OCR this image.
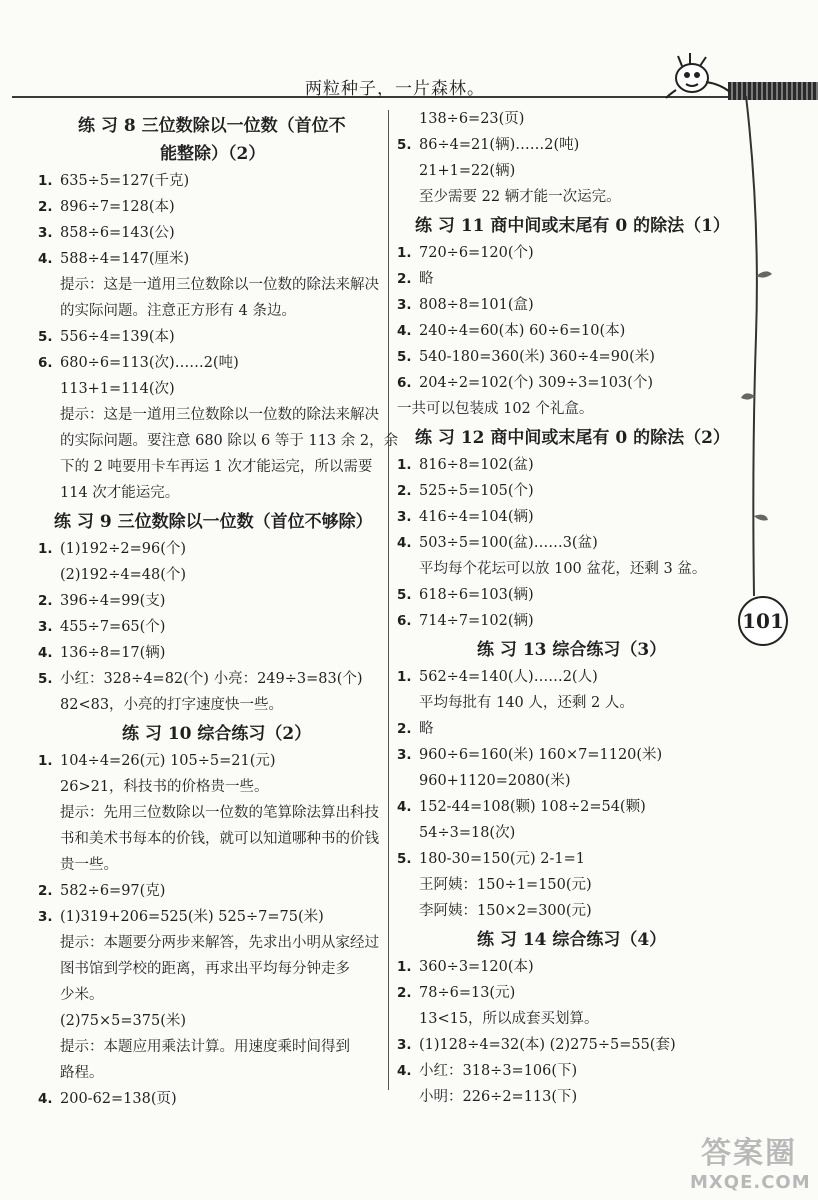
两粒种子，一片森林。
101
练 习 8 三位数除以一位数（首位不
能整除）（2）
1. 635÷5=127(千克)
2. 896÷7=128(本)
3. 858÷6=143(公)
4. 588÷4=147(厘米)
提示：这是一道用三位数除以一位数的除法来解决
的实际问题。注意正方形有 4 条边。
5. 556÷4=139(本)
6. 680÷6=113(次)……2(吨)
113+1=114(次)
提示：这是一道用三位数除以一位数的除法来解决
的实际问题。要注意 680 除以 6 等于 113 余 2，余
下的 2 吨要用卡车再运 1 次才能运完，所以需要
114 次才能运完。
练 习 9 三位数除以一位数（首位不够除）
1. (1)192÷2=96(个)
(2)192÷4=48(个)
2. 396÷4=99(支)
3. 455÷7=65(个)
4. 136÷8=17(辆)
5. 小红：328÷4=82(个) 小亮：249÷3=83(个)
82<83，小亮的打字速度快一些。
练 习 10 综合练习（2）
1. 104÷4=26(元) 105÷5=21(元)
26>21，科技书的价格贵一些。
提示：先用三位数除以一位数的笔算除法算出科技
书和美术书每本的价钱，就可以知道哪种书的价钱
贵一些。
2. 582÷6=97(克)
3. (1)319+206=525(米) 525÷7=75(米)
提示：本题要分两步来解答，先求出小明从家经过
图书馆到学校的距离，再求出平均每分钟走多
少米。
(2)75×5=375(米)
提示：本题应用乘法计算。用速度乘时间得到
路程。
4. 200-62=138(页)
138÷6=23(页)
5. 86÷4=21(辆)……2(吨)
21+1=22(辆)
至少需要 22 辆才能一次运完。
练 习 11 商中间或末尾有 0 的除法（1）
1. 720÷6=120(个)
2. 略
3. 808÷8=101(盒)
4. 240÷4=60(本) 60÷6=10(本)
5. 540-180=360(米) 360÷4=90(米)
6. 204÷2=102(个) 309÷3=103(个)
一共可以包装成 102 个礼盒。
练 习 12 商中间或末尾有 0 的除法（2）
1. 816÷8=102(盆)
2. 525÷5=105(个)
3. 416÷4=104(辆)
4. 503÷5=100(盆)……3(盆)
平均每个花坛可以放 100 盆花，还剩 3 盆。
5. 618÷6=103(辆)
6. 714÷7=102(辆)
练 习 13 综合练习（3）
1. 562÷4=140(人)……2(人)
平均每批有 140 人，还剩 2 人。
2. 略
3. 960÷6=160(米) 160×7=1120(米)
960+1120=2080(米)
4. 152-44=108(颗) 108÷2=54(颗)
54÷3=18(次)
5. 180-30=150(元) 2-1=1
王阿姨：150÷1=150(元)
李阿姨：150×2=300(元)
练 习 14 综合练习（4）
1. 360÷3=120(本)
2. 78÷6=13(元)
13<15，所以成套买划算。
3. (1)128÷4=32(本) (2)275÷5=55(套)
4. 小红：318÷3=106(下)
小明：226÷2=113(下)
答案圈
MXQE.COM
